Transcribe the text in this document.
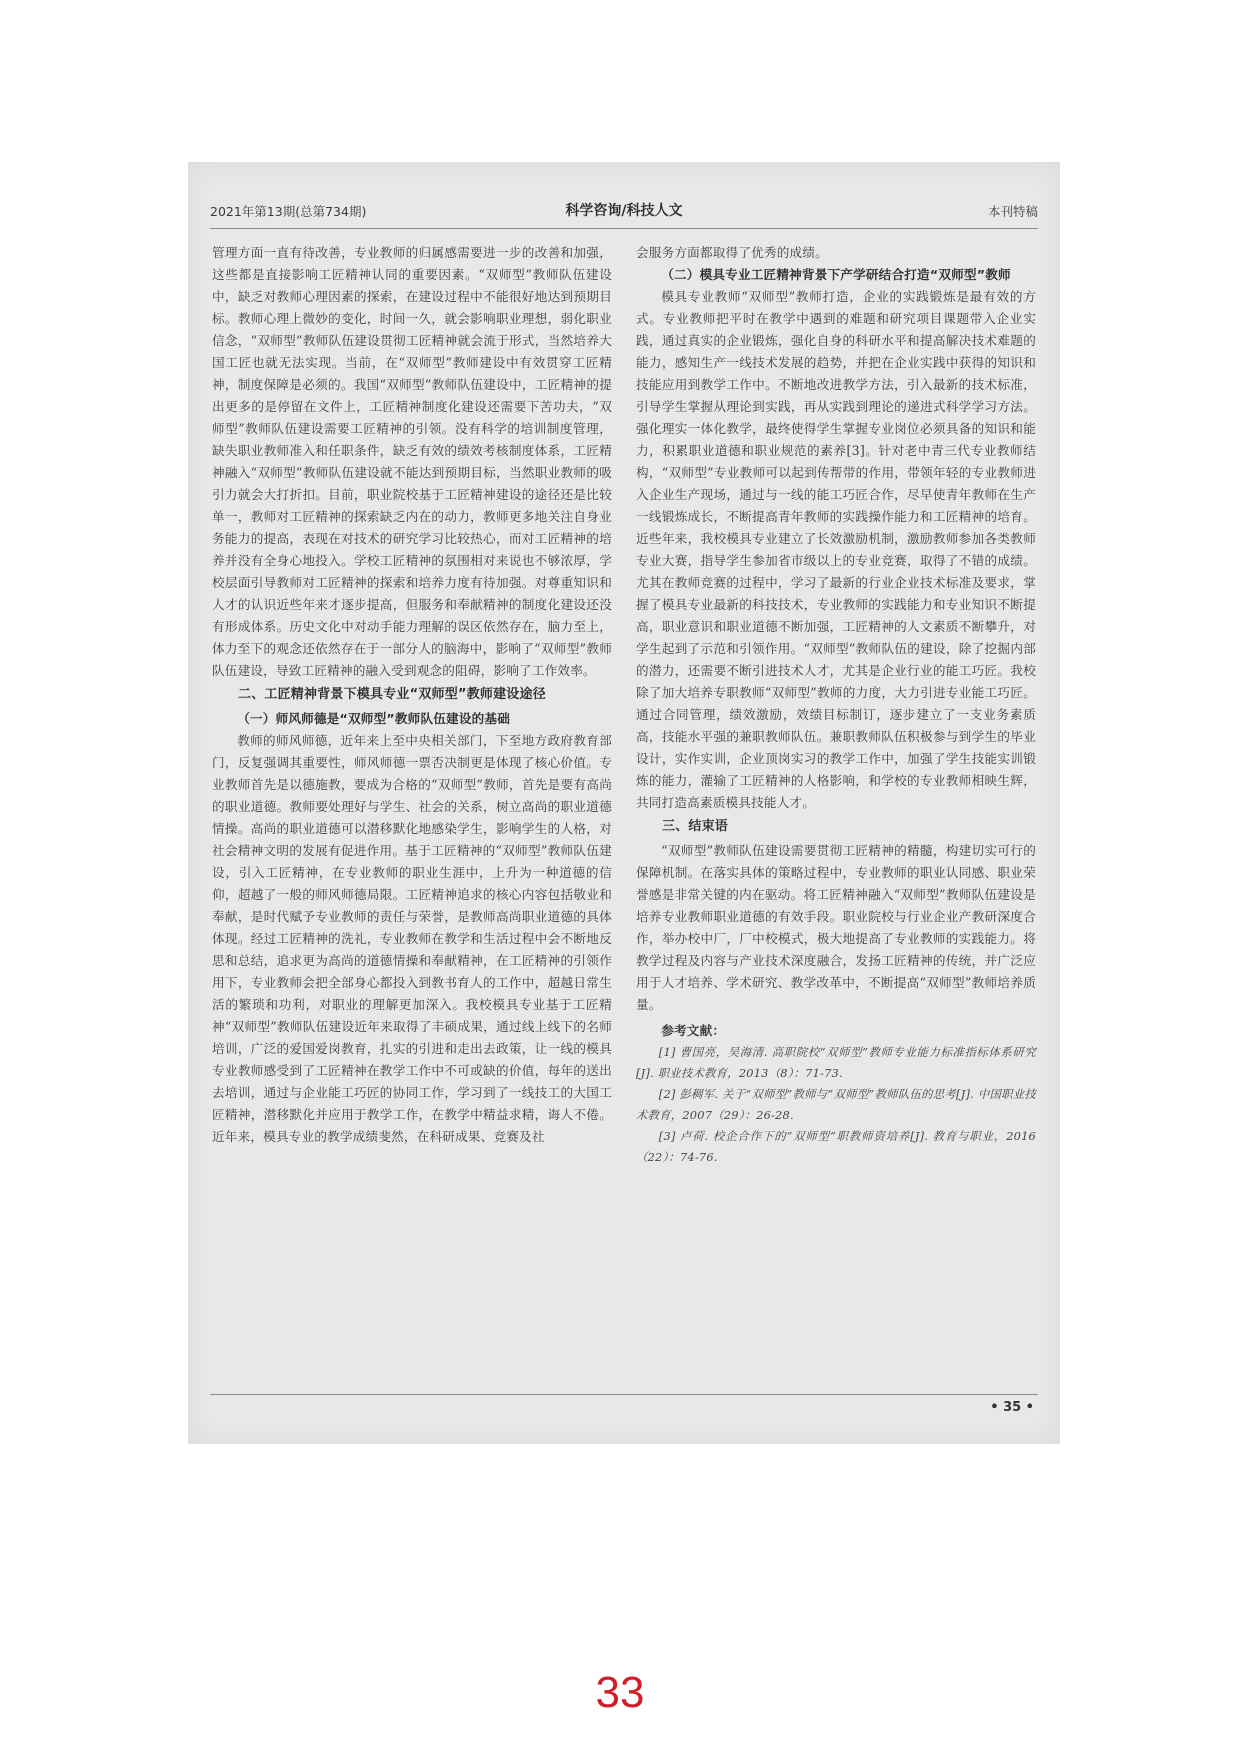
2021年第13期(总第734期)	科学咨询/科技人文	本刊特稿

管理方面一直有待改善，专业教师的归属感需要进一步的改善和加强，这些都是直接影响工匠精神认同的重要因素。“双师型”教师队伍建设中，缺乏对教师心理因素的探索，在建设过程中不能很好地达到预期目标。教师心理上微妙的变化，时间一久，就会影响职业理想，弱化职业信念，“双师型”教师队伍建设贯彻工匠精神就会流于形式，当然培养大国工匠也就无法实现。当前，在“双师型”教师建设中有效贯穿工匠精神，制度保障是必须的。我国“双师型”教师队伍建设中，工匠精神的提出更多的是停留在文件上，工匠精神制度化建设还需要下苦功夫，“双师型”教师队伍建设需要工匠精神的引领。没有科学的培训制度管理，缺失职业教师准入和任职条件，缺乏有效的绩效考核制度体系，工匠精神融入“双师型”教师队伍建设就不能达到预期目标，当然职业教师的吸引力就会大打折扣。目前，职业院校基于工匠精神建设的途径还是比较单一，教师对工匠精神的探索缺乏内在的动力，教师更多地关注自身业务能力的提高，表现在对技术的研究学习比较热心，而对工匠精神的培养并没有全身心地投入。学校工匠精神的氛围相对来说也不够浓厚，学校层面引导教师对工匠精神的探索和培养力度有待加强。对尊重知识和人才的认识近些年来才逐步提高，但服务和奉献精神的制度化建设还没有形成体系。历史文化中对动手能力理解的误区依然存在，脑力至上，体力至下的观念还依然存在于一部分人的脑海中，影响了“双师型”教师队伍建设，导致工匠精神的融入受到观念的阻碍，影响了工作效率。

二、工匠精神背景下模具专业“双师型”教师建设途径
（一）师风师德是“双师型”教师队伍建设的基础

教师的师风师德，近年来上至中央相关部门，下至地方政府教育部门，反复强调其重要性，师风师德一票否决制更是体现了核心价值。专业教师首先是以德施教，要成为合格的“双师型”教师，首先是要有高尚的职业道德。教师要处理好与学生、社会的关系，树立高尚的职业道德情操。高尚的职业道德可以潜移默化地感染学生，影响学生的人格，对社会精神文明的发展有促进作用。基于工匠精神的“双师型”教师队伍建设，引入工匠精神，在专业教师的职业生涯中，上升为一种道德的信仰，超越了一般的师风师德局限。工匠精神追求的核心内容包括敬业和奉献，是时代赋予专业教师的责任与荣誉，是教师高尚职业道德的具体体现。经过工匠精神的洗礼，专业教师在教学和生活过程中会不断地反思和总结，追求更为高尚的道德情操和奉献精神，在工匠精神的引领作用下，专业教师会把全部身心都投入到教书育人的工作中，超越日常生活的繁琐和功利，对职业的理解更加深入。我校模具专业基于工匠精神“双师型”教师队伍建设近年来取得了丰硕成果，通过线上线下的名师培训，广泛的爱国爱岗教育，扎实的引进和走出去政策，让一线的模具专业教师感受到了工匠精神在教学工作中不可或缺的价值，每年的送出去培训，通过与企业能工巧匠的协同工作，学习到了一线技工的大国工匠精神，潜移默化并应用于教学工作，在教学中精益求精，诲人不倦。近年来，模具专业的教学成绩斐然，在科研成果、竞赛及社

会服务方面都取得了优秀的成绩。

（二）模具专业工匠精神背景下产学研结合打造“双师型”教师

模具专业教师“双师型”教师打造，企业的实践锻炼是最有效的方式。专业教师把平时在教学中遇到的难题和研究项目课题带入企业实践，通过真实的企业锻炼，强化自身的科研水平和提高解决技术难题的能力，感知生产一线技术发展的趋势，并把在企业实践中获得的知识和技能应用到教学工作中。不断地改进教学方法，引入最新的技术标准，引导学生掌握从理论到实践，再从实践到理论的递进式科学学习方法。强化理实一体化教学，最终使得学生掌握专业岗位必须具备的知识和能力，积累职业道德和职业规范的素养[3]。针对老中青三代专业教师结构，“双师型”专业教师可以起到传帮带的作用，带领年轻的专业教师进入企业生产现场，通过与一线的能工巧匠合作，尽早使青年教师在生产一线锻炼成长，不断提高青年教师的实践操作能力和工匠精神的培育。近些年来，我校模具专业建立了长效激励机制，激励教师参加各类教师专业大赛，指导学生参加省市级以上的专业竞赛，取得了不错的成绩。尤其在教师竞赛的过程中，学习了最新的行业企业技术标准及要求，掌握了模具专业最新的科技技术，专业教师的实践能力和专业知识不断提高，职业意识和职业道德不断加强，工匠精神的人文素质不断攀升，对学生起到了示范和引领作用。“双师型”教师队伍的建设，除了挖掘内部的潜力，还需要不断引进技术人才，尤其是企业行业的能工巧匠。我校除了加大培养专职教师“双师型”教师的力度，大力引进专业能工巧匠。通过合同管理，绩效激励，效绩目标制订，逐步建立了一支业务素质高，技能水平强的兼职教师队伍。兼职教师队伍积极参与到学生的毕业设计，实作实训，企业顶岗实习的教学工作中，加强了学生技能实训锻炼的能力，灌输了工匠精神的人格影响，和学校的专业教师相映生辉，共同打造高素质模具技能人才。

三、结束语

“双师型”教师队伍建设需要贯彻工匠精神的精髓，构建切实可行的保障机制。在落实具体的策略过程中，专业教师的职业认同感、职业荣誉感是非常关键的内在驱动。将工匠精神融入“双师型”教师队伍建设是培养专业教师职业道德的有效手段。职业院校与行业企业产教研深度合作，举办校中厂，厂中校模式，极大地提高了专业教师的实践能力。将教学过程及内容与产业技术深度融合，发扬工匠精神的传统，并广泛应用于人才培养、学术研究、教学改革中，不断提高“双师型”教师培养质量。

参考文献：
[1] 曹国亮，吴海清. 高职院校“双师型”教师专业能力标准指标体系研究[J]. 职业技术教育，2013（8）：71-73.
[2] 彭稠军. 关于“双师型”教师与“双师型”教师队伍的思考[J]. 中国职业技术教育，2007（29）：26-28.
[3] 卢荷. 校企合作下的“双师型”职教师资培养[J]. 教育与职业，2016（22）：74-76.
• 35 •
33
